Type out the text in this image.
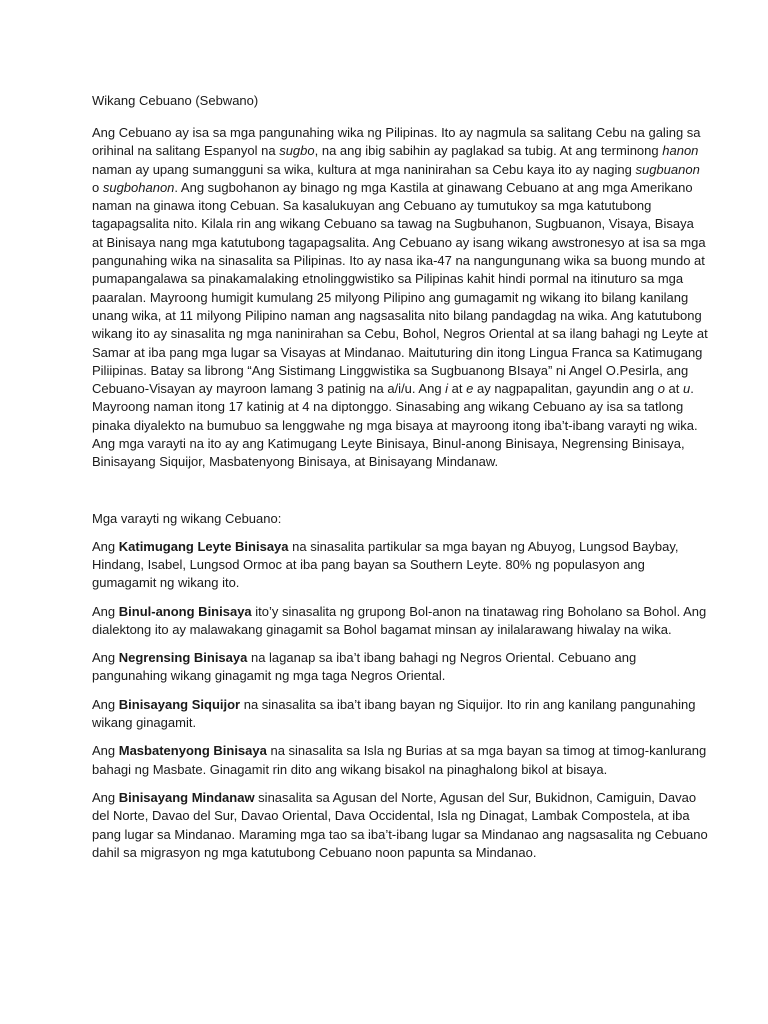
Wikang Cebuano (Sebwano)

Ang Cebuano ay isa sa mga pangunahing wika ng Pilipinas. Ito ay nagmula sa salitang Cebu na galing sa orihinal na salitang Espanyol na sugbo, na ang ibig sabihin ay paglakad sa tubig. At ang terminong hanon naman ay upang sumangguni sa wika, kultura at mga naninirahan sa Cebu kaya ito ay naging sugbuanon o sugbohanon. Ang sugbohanon ay binago ng mga Kastila at ginawang Cebuano at ang mga Amerikano naman na ginawa itong Cebuan. Sa kasalukuyan ang Cebuano ay tumutukoy sa mga katutubong tagapagsalita nito. Kilala rin ang wikang Cebuano sa tawag na Sugbuhanon, Sugbuanon, Visaya, Bisaya at Binisaya nang mga katutubong tagapagsalita. Ang Cebuano ay isang wikang awstronesyo at isa sa mga pangunahing wika na sinasalita sa Pilipinas. Ito ay nasa ika-47 na nangungunang wika sa buong mundo at pumapangalawa sa pinakamalaking etnolinggwistiko sa Pilipinas kahit hindi pormal na itinuturo sa mga paaralan. Mayroong humigit kumulang 25 milyong Pilipino ang gumagamit ng wikang ito bilang kanilang unang wika, at 11 milyong Pilipino naman ang nagsasalita nito bilang pandagdag na wika. Ang katutubong wikang ito ay sinasalita ng mga naninirahan sa Cebu, Bohol, Negros Oriental at sa ilang bahagi ng Leyte at Samar at iba pang mga lugar sa Visayas at Mindanao. Maituturing din itong Lingua Franca sa Katimugang Piliipinas. Batay sa librong “Ang Sistimang Linggwistika sa Sugbuanong BIsaya” ni Angel O.Pesirla, ang Cebuano-Visayan ay mayroon lamang 3 patinig na a/i/u. Ang i at e ay nagpapalitan, gayundin ang o at u. Mayroong naman itong 17 katinig at 4 na diptonggo. Sinasabing ang wikang Cebuano ay isa sa tatlong pinaka diyalekto na bumubuo sa lenggwahe ng mga bisaya at mayroong itong iba’t-ibang varayti ng wika. Ang mga varayti na ito ay ang Katimugang Leyte Binisaya, Binul-anong Binisaya, Negrensing Binisaya, Binisayang Siquijor, Masbatenyong Binisaya, at Binisayang Mindanaw.

Mga varayti ng wikang Cebuano:

Ang Katimugang Leyte Binisaya na sinasalita partikular sa mga bayan ng Abuyog, Lungsod Baybay, Hindang, Isabel, Lungsod Ormoc at iba pang bayan sa Southern Leyte. 80% ng populasyon ang gumagamit ng wikang ito.

Ang Binul-anong Binisaya ito’y sinasalita ng grupong Bol-anon na tinatawag ring Boholano sa Bohol. Ang dialektong ito ay malawakang ginagamit sa Bohol bagamat minsan ay inilalarawang hiwalay na wika.

Ang Negrensing Binisaya na laganap sa iba’t ibang bahagi ng Negros Oriental. Cebuano ang pangunahing wikang ginagamit ng mga taga Negros Oriental.

Ang Binisayang Siquijor na sinasalita sa iba’t ibang bayan ng Siquijor. Ito rin ang kanilang pangunahing wikang ginagamit.

Ang Masbatenyong Binisaya na sinasalita sa Isla ng Burias at sa mga bayan sa timog at timog-kanlurang bahagi ng Masbate. Ginagamit rin dito ang wikang bisakol na pinaghalong bikol at bisaya.

Ang Binisayang Mindanaw sinasalita sa Agusan del Norte, Agusan del Sur, Bukidnon, Camiguin, Davao del Norte, Davao del Sur, Davao Oriental, Dava Occidental, Isla ng Dinagat, Lambak Compostela, at iba pang lugar sa Mindanao. Maraming mga tao sa iba’t-ibang lugar sa Mindanao ang nagsasalita ng Cebuano dahil sa migrasyon ng mga katutubong Cebuano noon papunta sa Mindanao.
